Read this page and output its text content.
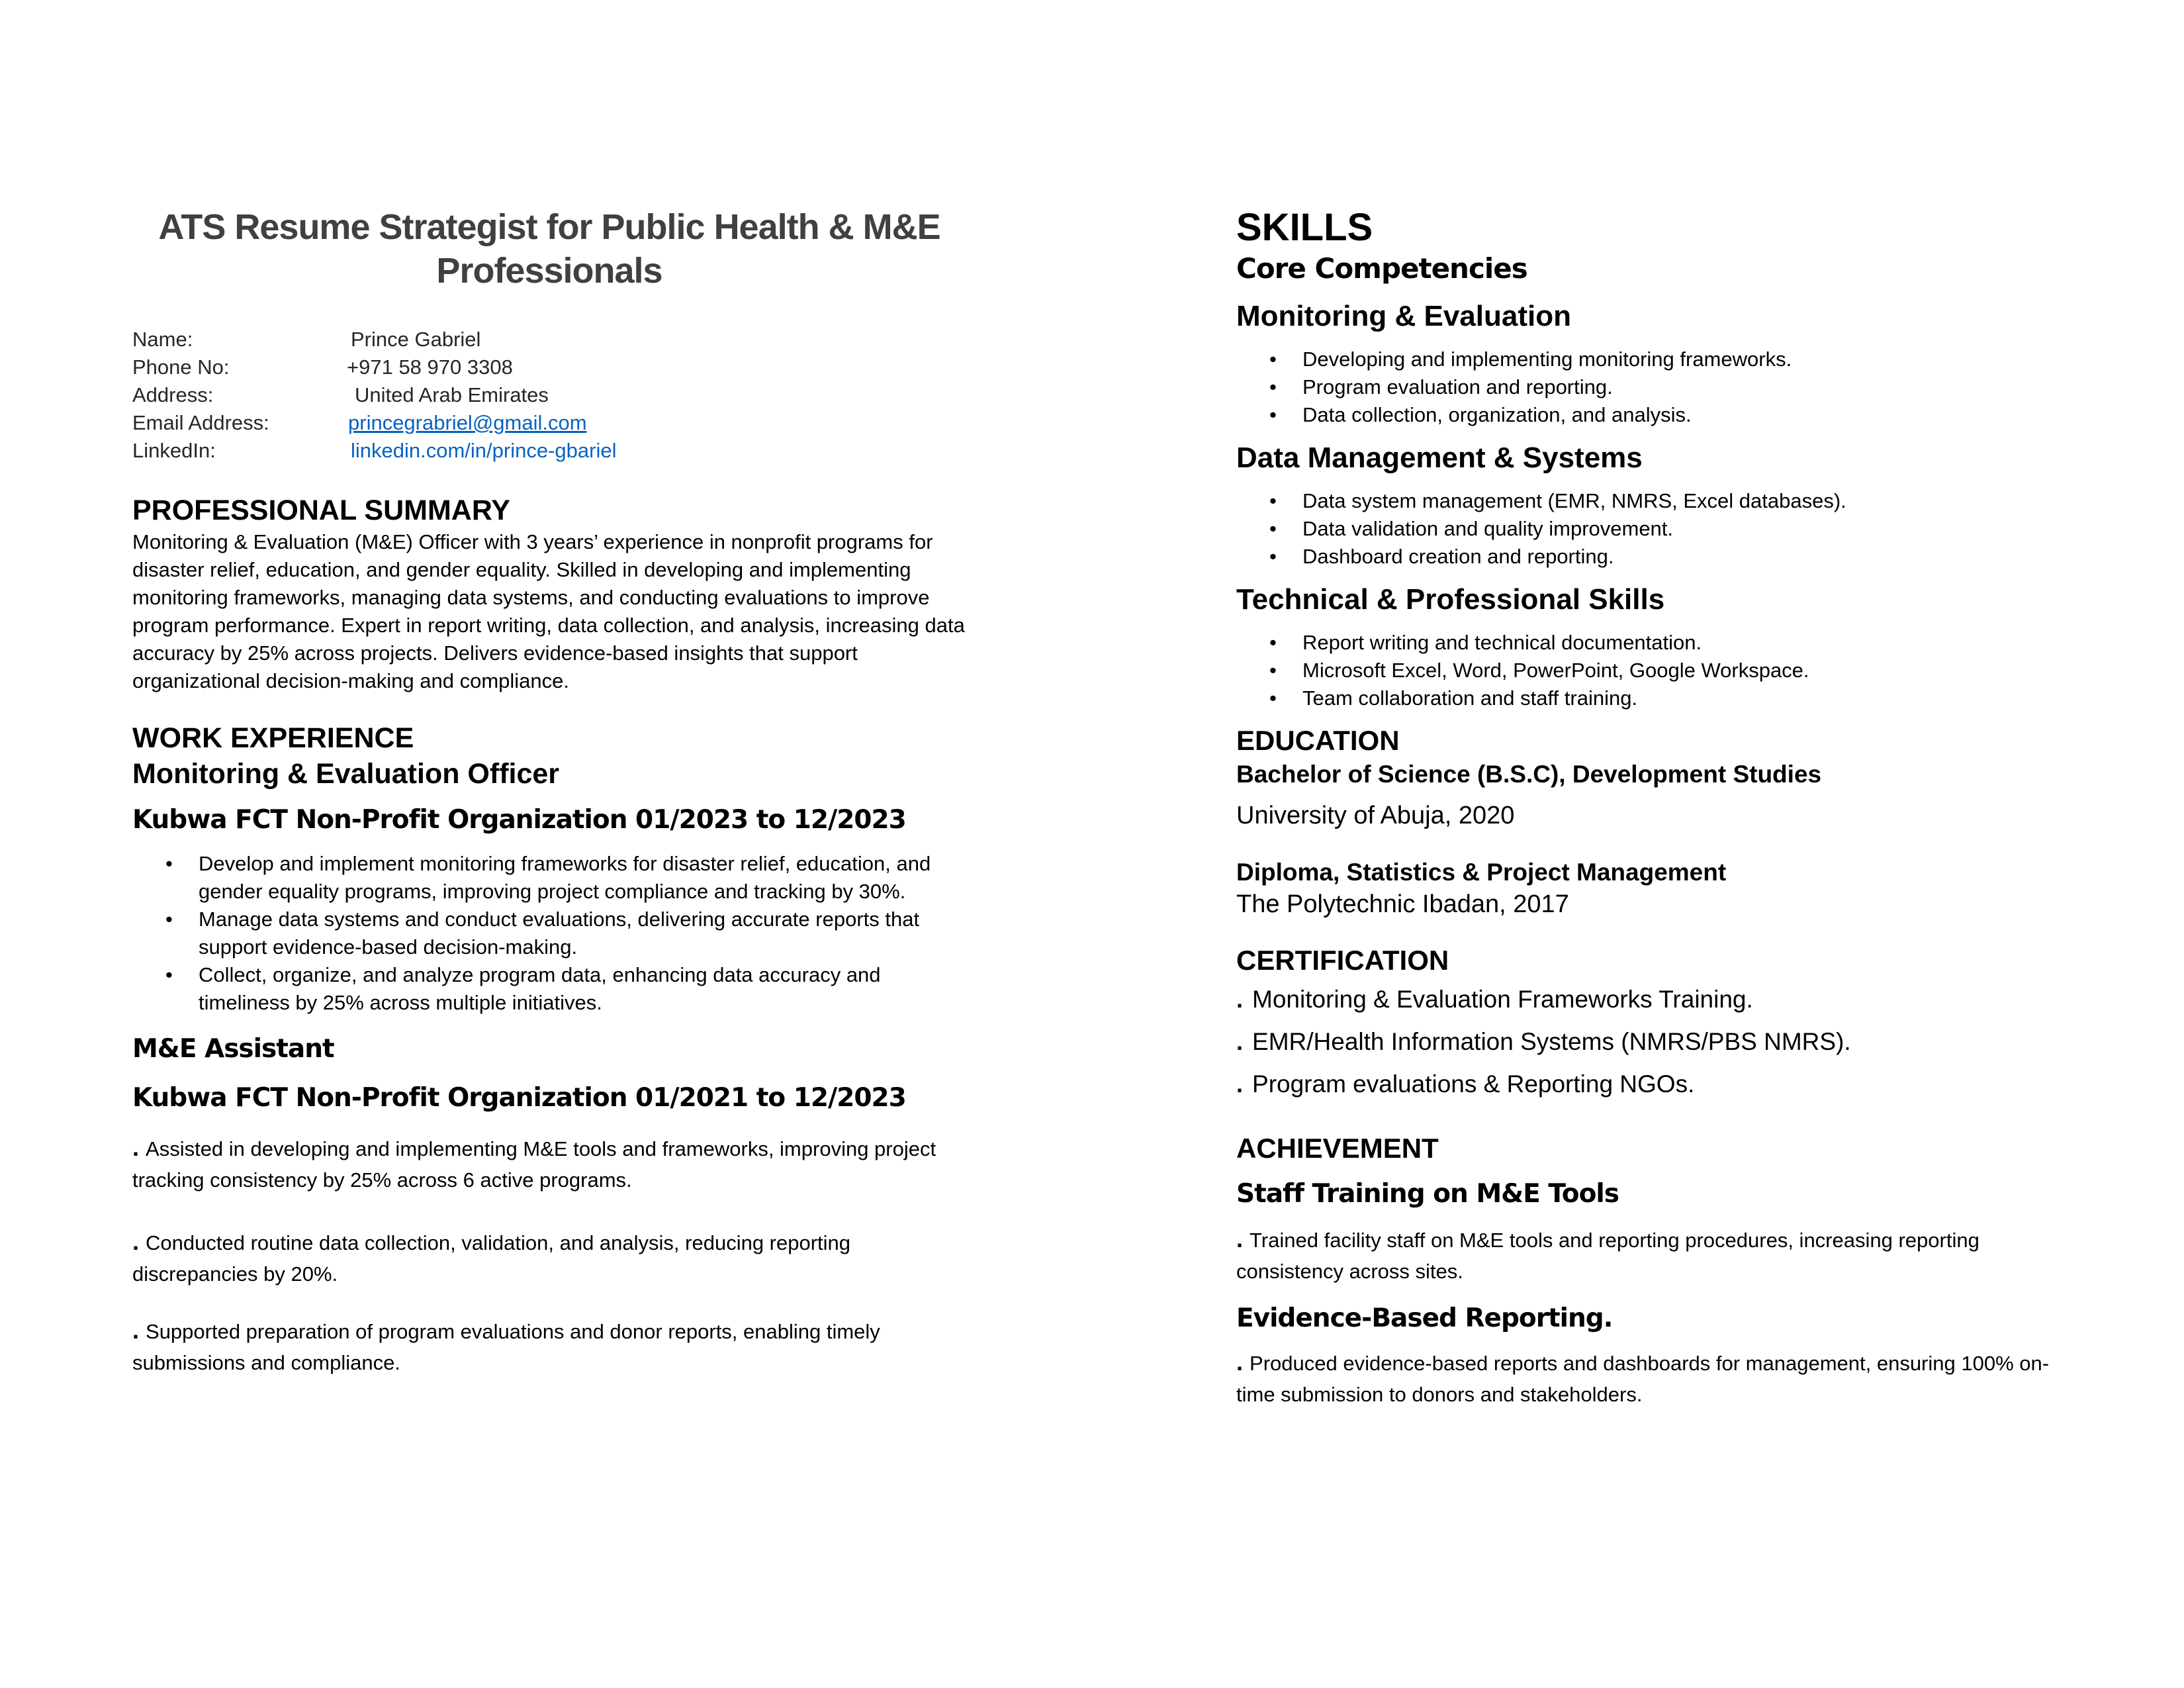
ATS Resume Strategist for Public Health & M&E Professionals
Name:	Prince Gabriel
Phone No:	+971 58 970 3308
Address:	United Arab Emirates
Email Address:	princegrabriel@gmail.com
LinkedIn:	linkedin.com/in/prince-gbariel
PROFESSIONAL SUMMARY

Monitoring & Evaluation (M&E) Officer with 3 years’ experience in nonprofit programs for disaster relief, education, and gender equality. Skilled in developing and implementing monitoring frameworks, managing data systems, and conducting evaluations to improve program performance. Expert in report writing, data collection, and analysis, increasing data accuracy by 25% across projects. Delivers evidence-based insights that support organizational decision-making and compliance.

WORK EXPERIENCE
Monitoring & Evaluation Officer
Kubwa FCT Non-Profit Organization 01/2023 to 12/2023
• Develop and implement monitoring frameworks for disaster relief, education, and gender equality programs, improving project compliance and tracking by 30%.
• Manage data systems and conduct evaluations, delivering accurate reports that support evidence-based decision-making.
• Collect, organize, and analyze program data, enhancing data accuracy and timeliness by 25% across multiple initiatives.
M&E Assistant
Kubwa FCT Non-Profit Organization 01/2021 to 12/2023

. Assisted in developing and implementing M&E tools and frameworks, improving project tracking consistency by 25% across 6 active programs.

. Conducted routine data collection, validation, and analysis, reducing reporting discrepancies by 20%.

. Supported preparation of program evaluations and donor reports, enabling timely submissions and compliance.

SKILLS
Core Competencies
Monitoring & Evaluation
• Developing and implementing monitoring frameworks.
• Program evaluation and reporting.
• Data collection, organization, and analysis.
Data Management & Systems
• Data system management (EMR, NMRS, Excel databases).
• Data validation and quality improvement.
• Dashboard creation and reporting.
Technical & Professional Skills
• Report writing and technical documentation.
• Microsoft Excel, Word, PowerPoint, Google Workspace.
• Team collaboration and staff training.
EDUCATION
Bachelor of Science (B.S.C), Development Studies
University of Abuja, 2020
Diploma, Statistics & Project Management
The Polytechnic Ibadan, 2017
CERTIFICATION

. Monitoring & Evaluation Frameworks Training.

. EMR/Health Information Systems (NMRS/PBS NMRS).

. Program evaluations & Reporting NGOs.

ACHIEVEMENT
Staff Training on M&E Tools

. Trained facility staff on M&E tools and reporting procedures, increasing reporting consistency across sites.

Evidence-Based Reporting.

. Produced evidence-based reports and dashboards for management, ensuring 100% on-time submission to donors and stakeholders.
